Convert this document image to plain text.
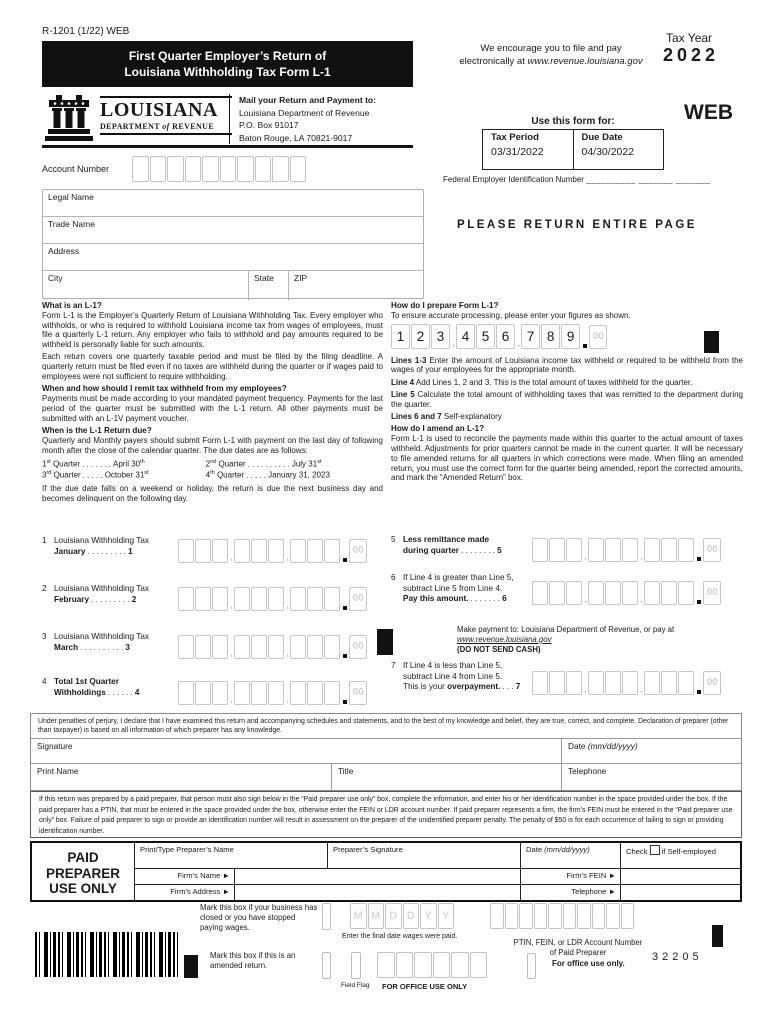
R-1201 (1/22) WEB
First Quarter Employer’s Return of
Louisiana Withholding Tax Form L-1
We encourage you to file and pay
electronically at www.revenue.louisiana.gov
Tax Year
2022
WEB
LOUISIANA
DEPARTMENT of REVENUE
Mail your Return and Payment to:
Louisiana Department of Revenue
P.O. Box 91017
Baton Rouge, LA 70821-9017
Use this form for:
Tax Period
03/31/2022
Due Date
04/30/2022
Account Number
Federal Employer Identification Number __________ _______ _______
Legal Name
Trade Name
Address
City	State	ZIP
PLEASE RETURN ENTIRE PAGE
What is an L-1?

Form L-1 is the Employer’s Quarterly Return of Louisiana Withholding Tax. Every employer who withholds, or who is required to withhold Louisiana income tax from wages of employees, must file a quarterly L-1 return. Any employer who fails to withhold and pay amounts required to be withheld is personally liable for such amounts.

Each return covers one quarterly taxable period and must be filed by the filing deadline. A quarterly return must be filed even if no taxes are withheld during the quarter or if wages paid to employees were not sufficient to require withholding.

When and how should I remit tax withheld from my employees?

Payments must be made according to your mandated payment frequency. Payments for the last period of the quarter must be submitted with the L-1 return. All other payments must be submitted with an L-1V payment voucher.

When is the L-1 Return due?

Quarterly and Monthly payers should submit Form L-1 with payment on the last day of following month after the close of the calendar quarter. The due dates are as follows:

1st Quarter . . . . . . . April 30th	2nd Quarter . . . . . . . . . . July 31st
3rd Quarter . . . . . October 31st	4th Quarter . . . . . January 31, 2023

If the due date falls on a weekend or holiday, the return is due the next business day and becomes delinquent on the following day.

How do I prepare Form L-1?

To ensure accurate processing, please enter your figures as shown.

1 2 3 , 4 5 6 , 7 8 9 00

Lines 1-3 Enter the amount of Louisiana income tax withheld or required to be withheld from the wages of your employees for the appropriate month.

Line 4 Add Lines 1, 2 and 3. This is the total amount of taxes withheld for the quarter.

Line 5 Calculate the total amount of withholding taxes that was remitted to the department during the quarter.

Lines 6 and 7 Self-explanatory

How do I amend an L-1?

Form L-1 is used to reconcile the payments made within this quarter to the actual amount of taxes withheld. Adjustments for prior quarters cannot be made in the current quarter. It will be necessary to file amended returns for all quarters in which corrections were made. When filing an amended return, you must use the correct form for the quarter being amended, report the corrected amounts, and mark the “Amended Return” box.

1 Louisiana Withholding Tax
January . . . . . . . . . 1	,	,00
2 Louisiana Withholding Tax
February . . . . . . . . . 2	,	,00
3 Louisiana Withholding Tax
March . . . . . . . . . . 3	,	,00
4 Total 1st Quarter
Withholdings . . . . . . 4
,	,00
5 Less remittance made
during quarter . . . . . . . . 5	,	,00
6 If Line 4 is greater than Line 5,
subtract Line 5 from Line 4.
Pay this amount. . . . . . . . 6	,	,00
Make payment to: Louisiana Department of Revenue, or pay at www.revenue.louisiana.gov
(DO NOT SEND CASH)
7 If Line 4 is less than Line 5,
subtract Line 4 from Line 5.
This is your overpayment. . . . 7	,	,00
Under penalties of perjury, I declare that I have examined this return and accompanying schedules and statements, and to the best of my knowledge and belief, they are true, correct, and complete. Declaration of preparer (other than taxpayer) is based on all information of which preparer has any knowledge.
Signature	Date (mm/dd/yyyy)
Print Name	Title	Telephone
If this return was prepared by a paid preparer, that person must also sign below in the “Paid preparer use only” box, complete the information, and enter his or her identification number in the space provided under the box. If the paid preparer has a PTIN, that must be entered in the space provided under the box, otherwise enter the FEIN or LDR account number. If paid preparer represents a firm, the firm’s FEIN must be entered in the “Paid preparer use only” box. Failure of paid preparer to sign or provide an identification number will result in assessment on the preparer of the unidentified preparer penalty. The penalty of $50 is for each occurrence of failing to sign or providing identification number.
PAID
PREPARER
USE ONLY
Print/Type Preparer’s Name	Preparer’s Signature	Date (mm/dd/yyyy)	Check if Self-employed
Firm’s Name ►	Firm’s FEIN ►
Firm’s Address ►	Telephone ►
Mark this box if your business has closed or you have stopped paying wages.
M M D D Y Y
Enter the final date wages were paid.
PTIN, FEIN, or LDR Account Number
of Paid Preparer
Mark this box if this is an amended return.
Field Flag FOR OFFICE USE ONLY
For office use only.
32205
